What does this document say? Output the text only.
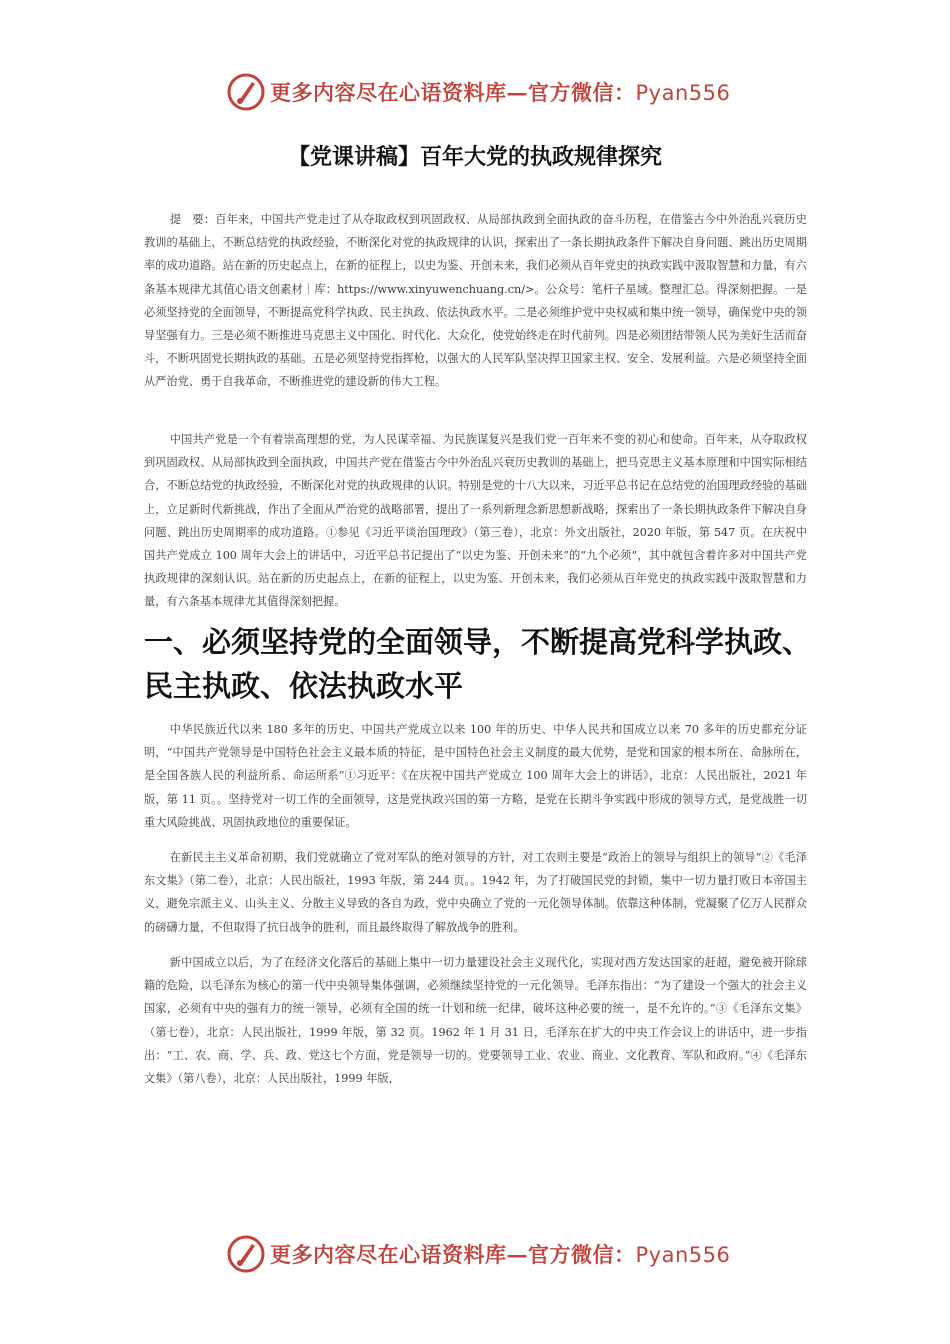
更多内容尽在心语资料库—官方微信：Pyan556
【党课讲稿】百年大党的执政规律探究

提　要：百年来，中国共产党走过了从夺取政权到巩固政权、从局部执政到全面执政的奋斗历程，在借鉴古今中外治乱兴衰历史教训的基础上，不断总结党的执政经验，不断深化对党的执政规律的认识，探索出了一条长期执政条件下解决自身问题、跳出历史周期率的成功道路。站在新的历史起点上，在新的征程上，以史为鉴、开创未来，我们必须从百年党史的执政实践中汲取智慧和力量，有六条基本规律尤其值心语文创素材｜库：https://www.xinyuwenchuang.cn/>。公众号：笔杆子星域。整理汇总。得深刻把握。一是必须坚持党的全面领导，不断提高党科学执政、民主执政、依法执政水平。二是必须维护党中央权威和集中统一领导，确保党中央的领导坚强有力。三是必须不断推进马克思主义中国化、时代化、大众化，使党始终走在时代前列。四是必须团结带领人民为美好生活而奋斗，不断巩固党长期执政的基础。五是必须坚持党指挥枪，以强大的人民军队坚决捍卫国家主权、安全、发展利益。六是必须坚持全面从严治党、勇于自我革命，不断推进党的建设新的伟大工程。

中国共产党是一个有着崇高理想的党，为人民谋幸福、为民族谋复兴是我们党一百年来不变的初心和使命。百年来，从夺取政权到巩固政权、从局部执政到全面执政，中国共产党在借鉴古今中外治乱兴衰历史教训的基础上，把马克思主义基本原理和中国实际相结合，不断总结党的执政经验，不断深化对党的执政规律的认识。特别是党的十八大以来，习近平总书记在总结党的治国理政经验的基础上，立足新时代新挑战，作出了全面从严治党的战略部署，提出了一系列新理念新思想新战略，探索出了一条长期执政条件下解决自身问题、跳出历史周期率的成功道路。①参见《习近平谈治国理政》（第三卷），北京：外文出版社，2020 年版，第 547 页。在庆祝中国共产党成立 100 周年大会上的讲话中，习近平总书记提出了“以史为鉴、开创未来”的“九个必须”，其中就包含着许多对中国共产党执政规律的深刻认识。站在新的历史起点上，在新的征程上，以史为鉴、开创未来，我们必须从百年党史的执政实践中汲取智慧和力量，有六条基本规律尤其值得深刻把握。

一、必须坚持党的全面领导，不断提高党科学执政、民主执政、依法执政水平

中华民族近代以来 180 多年的历史、中国共产党成立以来 100 年的历史、中华人民共和国成立以来 70 多年的历史都充分证明，“中国共产党领导是中国特色社会主义最本质的特征，是中国特色社会主义制度的最大优势，是党和国家的根本所在、命脉所在，是全国各族人民的利益所系、命运所系”①习近平：《在庆祝中国共产党成立 100 周年大会上的讲话》，北京：人民出版社，2021 年版，第 11 页。。坚持党对一切工作的全面领导，这是党执政兴国的第一方略，是党在长期斗争实践中形成的领导方式，是党战胜一切重大风险挑战、巩固执政地位的重要保证。

在新民主主义革命初期，我们党就确立了党对军队的绝对领导的方针，对工农则主要是“政治上的领导与组织上的领导”②《毛泽东文集》（第二卷），北京：人民出版社，1993 年版，第 244 页。。1942 年，为了打破国民党的封锁，集中一切力量打败日本帝国主义，避免宗派主义、山头主义、分散主义导致的各自为政，党中央确立了党的一元化领导体制。依靠这种体制，党凝聚了亿万人民群众的磅礴力量，不但取得了抗日战争的胜利，而且最终取得了解放战争的胜利。

新中国成立以后，为了在经济文化落后的基础上集中一切力量建设社会主义现代化，实现对西方发达国家的赶超，避免被开除球籍的危险，以毛泽东为核心的第一代中央领导集体强调，必须继续坚持党的一元化领导。毛泽东指出：“为了建设一个强大的社会主义国家，必须有中央的强有力的统一领导，必须有全国的统一计划和统一纪律，破坏这种必要的统一，是不允许的。”③《毛泽东文集》（第七卷），北京：人民出版社，1999 年版，第 32 页。1962 年 1 月 31 日，毛泽东在扩大的中央工作会议上的讲话中，进一步指出：“工、农、商、学、兵、政、党这七个方面，党是领导一切的。党要领导工业、农业、商业、文化教育、军队和政府。”④《毛泽东文集》（第八卷），北京：人民出版社，1999 年版，

更多内容尽在心语资料库—官方微信：Pyan556
